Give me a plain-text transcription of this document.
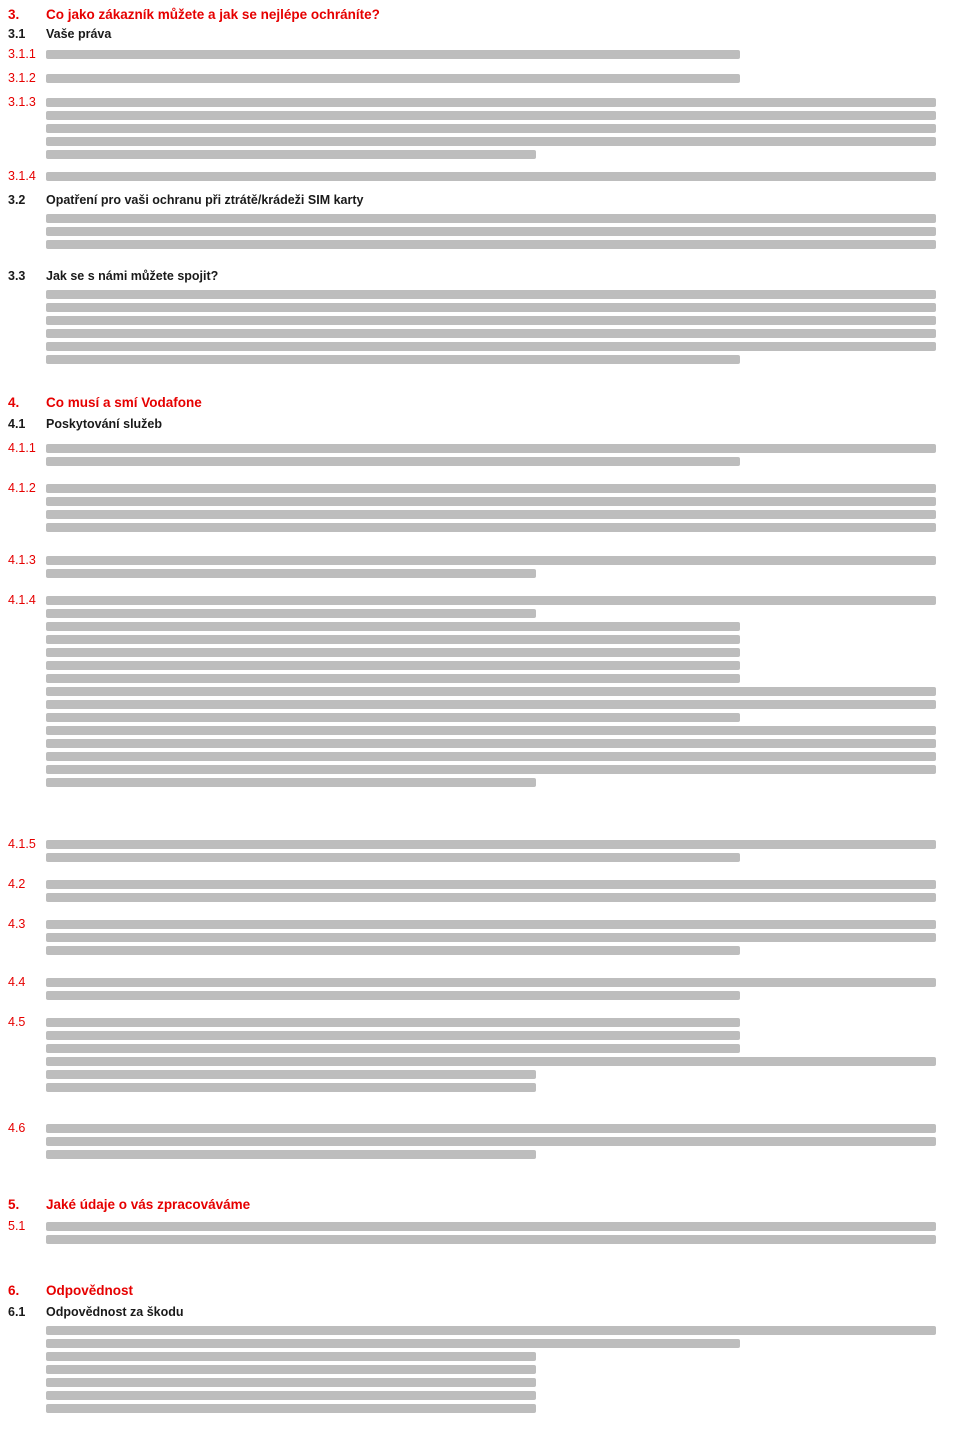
3.	Co jako zákazník můžete a jak se nejlépe ochráníte?
3.1	Vaše práva
3.1.1
3.1.2
3.1.3
3.1.4
3.2	Opatření pro vaši ochranu při ztrátě/krádeži SIM karty
3.3	Jak se s námi můžete spojit?
4.	Co musí a smí Vodafone
4.1	Poskytování služeb
4.1.1
4.1.2
4.1.3
4.1.4
4.1.5
4.2
4.3
4.4
4.5
4.6
5.	Jaké údaje o vás zpracováváme
5.1
6.	Odpovědnost
6.1	Odpovědnost za škodu
